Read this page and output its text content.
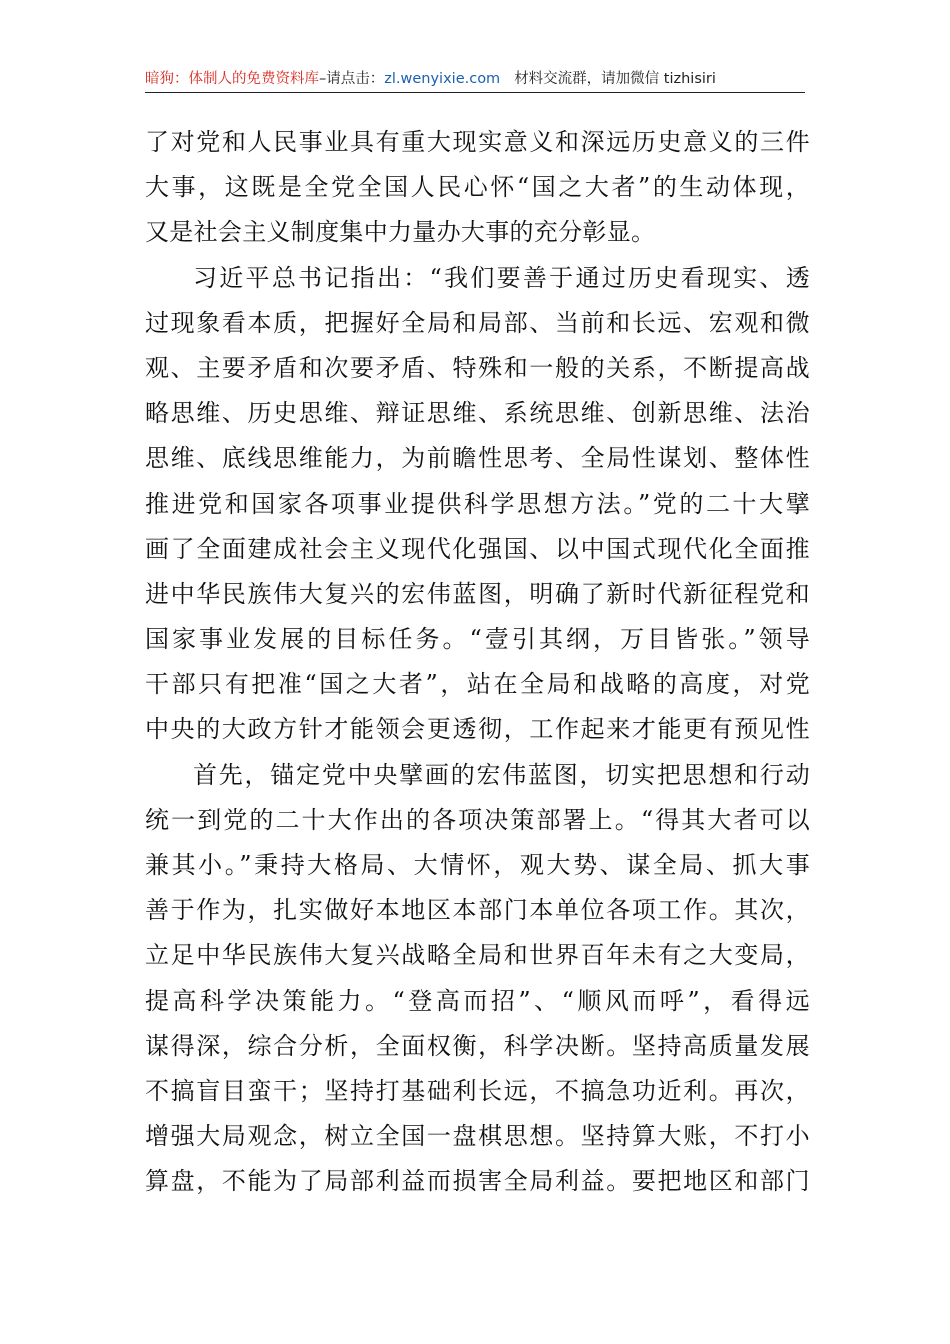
暗狗：体制人的免费资料库–请点击：zl.wenyixie.com 材料交流群，请加微信 tizhisiri
了对党和人民事业具有重大现实意义和深远历史意义的三件
大事，这既是全党全国人民心怀“国之大者”的生动体现，
又是社会主义制度集中力量办大事的充分彰显。
习近平总书记指出：“我们要善于通过历史看现实、透
过现象看本质，把握好全局和局部、当前和长远、宏观和微
观、主要矛盾和次要矛盾、特殊和一般的关系，不断提高战
略思维、历史思维、辩证思维、系统思维、创新思维、法治
思维、底线思维能力，为前瞻性思考、全局性谋划、整体性
推进党和国家各项事业提供科学思想方法。”党的二十大擘
画了全面建成社会主义现代化强国、以中国式现代化全面推
进中华民族伟大复兴的宏伟蓝图，明确了新时代新征程党和
国家事业发展的目标任务。“壹引其纲，万目皆张。”领导
干部只有把准“国之大者”，站在全局和战略的高度，对党
中央的大政方针才能领会更透彻，工作起来才能更有预见性
首先，锚定党中央擘画的宏伟蓝图，切实把思想和行动
统一到党的二十大作出的各项决策部署上。“得其大者可以
兼其小。”秉持大格局、大情怀，观大势、谋全局、抓大事
善于作为，扎实做好本地区本部门本单位各项工作。其次，
立足中华民族伟大复兴战略全局和世界百年未有之大变局，
提高科学决策能力。“登高而招”、“顺风而呼”，看得远
谋得深，综合分析，全面权衡，科学决断。坚持高质量发展
不搞盲目蛮干；坚持打基础利长远，不搞急功近利。再次，
增强大局观念，树立全国一盘棋思想。坚持算大账，不打小
算盘，不能为了局部利益而损害全局利益。要把地区和部门
